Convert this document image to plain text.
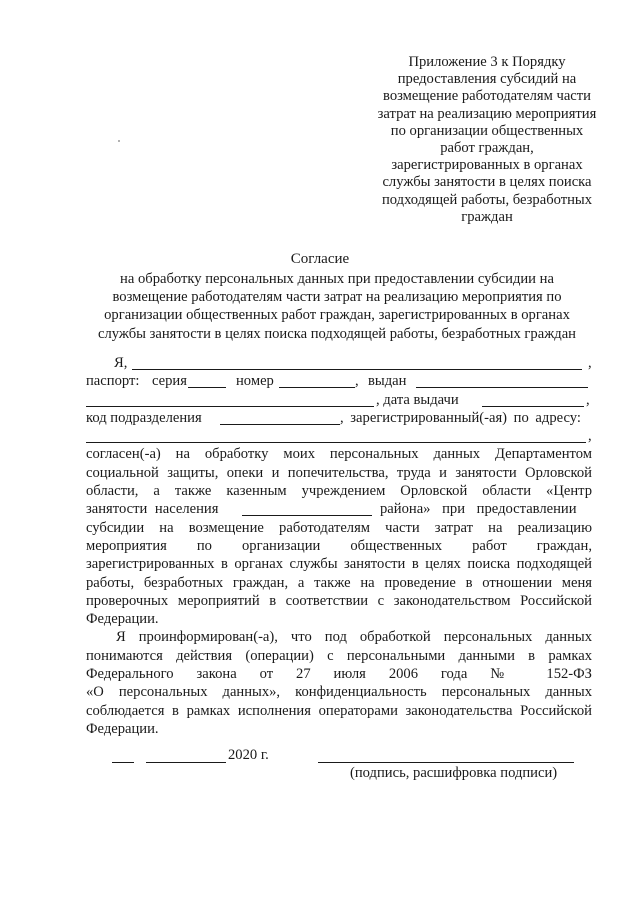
Приложение 3 к Порядку
предоставления субсидий на
возмещение работодателям части
затрат на реализацию мероприятия
по организации общественных
работ граждан,
зарегистрированных в органах
службы занятости в целях поиска
подходящей работы, безработных
граждан
Согласие
на обработку персональных данных при предоставлении субсидии на
возмещение работодателям части затрат на реализацию мероприятия по
организации общественных работ граждан, зарегистрированных в органах
службы занятости в целях поиска подходящей работы, безработных граждан
Я,	,
паспорт: серия	номер	, выдан
, дата выдачи	,
код подразделения	, зарегистрированный(-ая) по адресу:
,
согласен(-а) на обработку моих персональных данных Департаментом
социальной защиты, опеки и попечительства, труда и занятости Орловской
области, а также казенным учреждением Орловской области «Центр
занятости населения	района» при предоставлении
субсидии на возмещение работодателям части затрат на реализацию
мероприятия по организации общественных работ граждан,
зарегистрированных в органах службы занятости в целях поиска подходящей
работы, безработных граждан, а также на проведение в отношении меня
проверочных мероприятий в соответствии с законодательством Российской
Федерации.
Я проинформирован(-а), что под обработкой персональных данных
понимаются действия (операции) с персональными данными в рамках
Федерального закона от 27 июля 2006 года № 152-ФЗ
«О персональных данных», конфиденциальность персональных данных
соблюдается в рамках исполнения операторами законодательства Российской
Федерации.
2020 г.
(подпись, расшифровка подписи)
